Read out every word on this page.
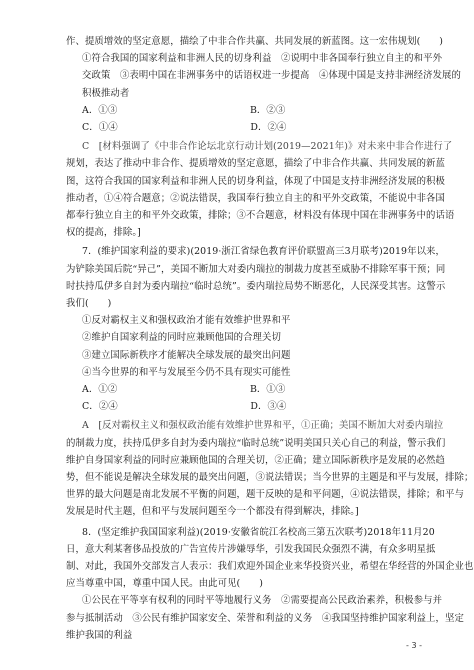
作、提质增效的坚定意愿，描绘了中非合作共赢、共同发展的新蓝图。这一宏伟规划(　　)
①符合我国的国家利益和非洲人民的切身利益　②说明中非各国奉行独立自主的和平外
交政策　③表明中国在非洲事务中的话语权进一步提高　④体现中国是支持非洲经济发展的
积极推动者
A．①③　　　　　　　　　　　　　　B．②③
C．①④　　　　　　　　　　　　　　D．②④
C　[材料强调了《中非合作论坛北京行动计划(2019—2021年)》对未来中非合作进行了
规划，表达了推动中非合作、提质增效的坚定意愿，描绘了中非合作共赢、共同发展的新蓝
图，这符合我国的国家利益和非洲人民的切身利益，体现了中国是支持非洲经济发展的积极
推动者，①④符合题意；②说法错误，我国奉行独立自主的和平外交政策，不能说中非各国
都奉行独立自主的和平外交政策，排除；③不合题意，材料没有体现中国在非洲事务中的话语
权的提高，排除。]
7．(维护国家利益的要求)(2019·浙江省绿色教育评价联盟高三3月联考)2019年以来，
为铲除美国后院“异己”，美国不断加大对委内瑞拉的制裁力度甚至威胁不排除军事干预；同
时扶持瓜伊多自封为委内瑞拉“临时总统”。委内瑞拉局势不断恶化，人民深受其害。这警示
我们(　　)
①反对霸权主义和强权政治才能有效维护世界和平
②维护自国家利益的同时应兼顾他国的合理关切
③建立国际新秩序才能解决全球发展的最突出问题
④当今世界的和平与发展至今仍不具有现实可能性
A．①②　　　　　　　　　　　　　　B．①③
C．②④　　　　　　　　　　　　　　D．③④
A　[反对霸权主义和强权政治能有效维护世界和平，①正确；美国不断加大对委内瑞拉
的制裁力度，扶持瓜伊多自封为委内瑞拉“临时总统”说明美国只关心自己的利益，警示我们
维护自身国家利益的同时应兼顾他国的合理关切，②正确；建立国际新秩序是发展的必然趋
势，但不能说是解决全球发展的最突出问题，③说法错误；当今世界的主题是和平与发展，排除；
世界的最大问题是南北发展不平衡的问题，题干反映的是和平问题，④说法错误，排除；和平与
发展是时代主题，但和平与发展问题至今一个都没有得到解决，排除。]
8．(坚定维护我国国家利益)(2019·安徽省皖江名校高三第五次联考)2018年11月20
日，意大利某奢侈品投放的广告宣传片涉嫌辱华，引发我国民众强烈不满，有众多明星抵
制、对此，我国外交部发言人表示：我们欢迎外国企业来华投资兴业，希望在华经营的外国企业也
应当尊重中国，尊重中国人民。由此可见(　　)
①公民在平等享有权利的同时平等地履行义务　②需要提高公民政治素养，积极参与并
参与抵制活动　③公民有维护国家安全、荣誉和利益的义务　④我国坚持维护国家利益上，坚定
维护我国的利益
- 3 -
